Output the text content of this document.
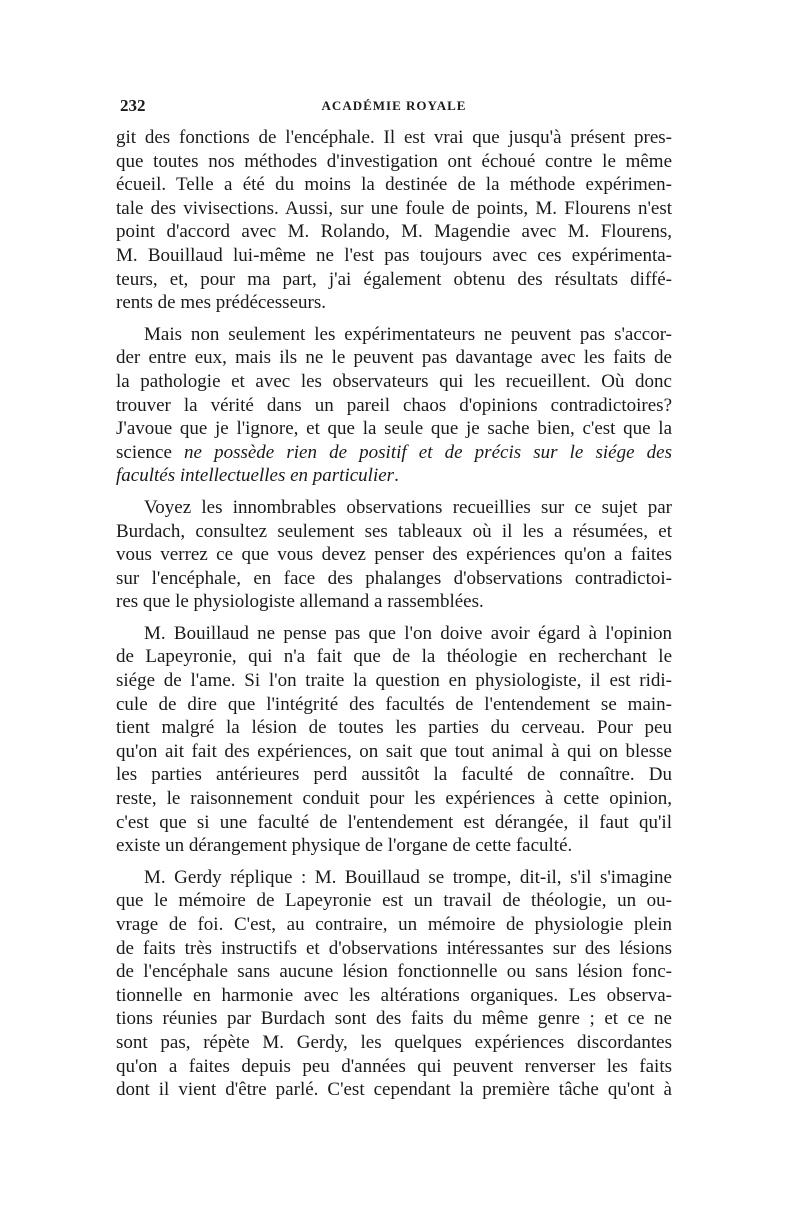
232	ACADÉMIE ROYALE

git des fonctions de l'encéphale. Il est vrai que jusqu'à présent pres-
que toutes nos méthodes d'investigation ont échoué contre le même
écueil. Telle a été du moins la destinée de la méthode expérimen-
tale des vivisections. Aussi, sur une foule de points, M. Flourens n'est
point d'accord avec M. Rolando, M. Magendie avec M. Flourens,
M. Bouillaud lui-même ne l'est pas toujours avec ces expérimenta-
teurs, et, pour ma part, j'ai également obtenu des résultats diffé-
rents de mes prédécesseurs.

Mais non seulement les expérimentateurs ne peuvent pas s'accor-
der entre eux, mais ils ne le peuvent pas davantage avec les faits de
la pathologie et avec les observateurs qui les recueillent. Où donc
trouver la vérité dans un pareil chaos d'opinions contradictoires?
J'avoue que je l'ignore, et que la seule que je sache bien, c'est que la
science ne possède rien de positif et de précis sur le siége des
facultés intellectuelles en particulier.

Voyez les innombrables observations recueillies sur ce sujet par
Burdach, consultez seulement ses tableaux où il les a résumées, et
vous verrez ce que vous devez penser des expériences qu'on a faites
sur l'encéphale, en face des phalanges d'observations contradictoi-
res que le physiologiste allemand a rassemblées.

M. Bouillaud ne pense pas que l'on doive avoir égard à l'opinion
de Lapeyronie, qui n'a fait que de la théologie en recherchant le
siége de l'ame. Si l'on traite la question en physiologiste, il est ridi-
cule de dire que l'intégrité des facultés de l'entendement se main-
tient malgré la lésion de toutes les parties du cerveau. Pour peu
qu'on ait fait des expériences, on sait que tout animal à qui on blesse
les parties antérieures perd aussitôt la faculté de connaître. Du
reste, le raisonnement conduit pour les expériences à cette opinion,
c'est que si une faculté de l'entendement est dérangée, il faut qu'il
existe un dérangement physique de l'organe de cette faculté.

M. Gerdy réplique : M. Bouillaud se trompe, dit-il, s'il s'imagine
que le mémoire de Lapeyronie est un travail de théologie, un ou-
vrage de foi. C'est, au contraire, un mémoire de physiologie plein
de faits très instructifs et d'observations intéressantes sur des lésions
de l'encéphale sans aucune lésion fonctionnelle ou sans lésion fonc-
tionnelle en harmonie avec les altérations organiques. Les observa-
tions réunies par Burdach sont des faits du même genre ; et ce ne
sont pas, répète M. Gerdy, les quelques expériences discordantes
qu'on a faites depuis peu d'années qui peuvent renverser les faits
dont il vient d'être parlé. C'est cependant la première tâche qu'ont à
